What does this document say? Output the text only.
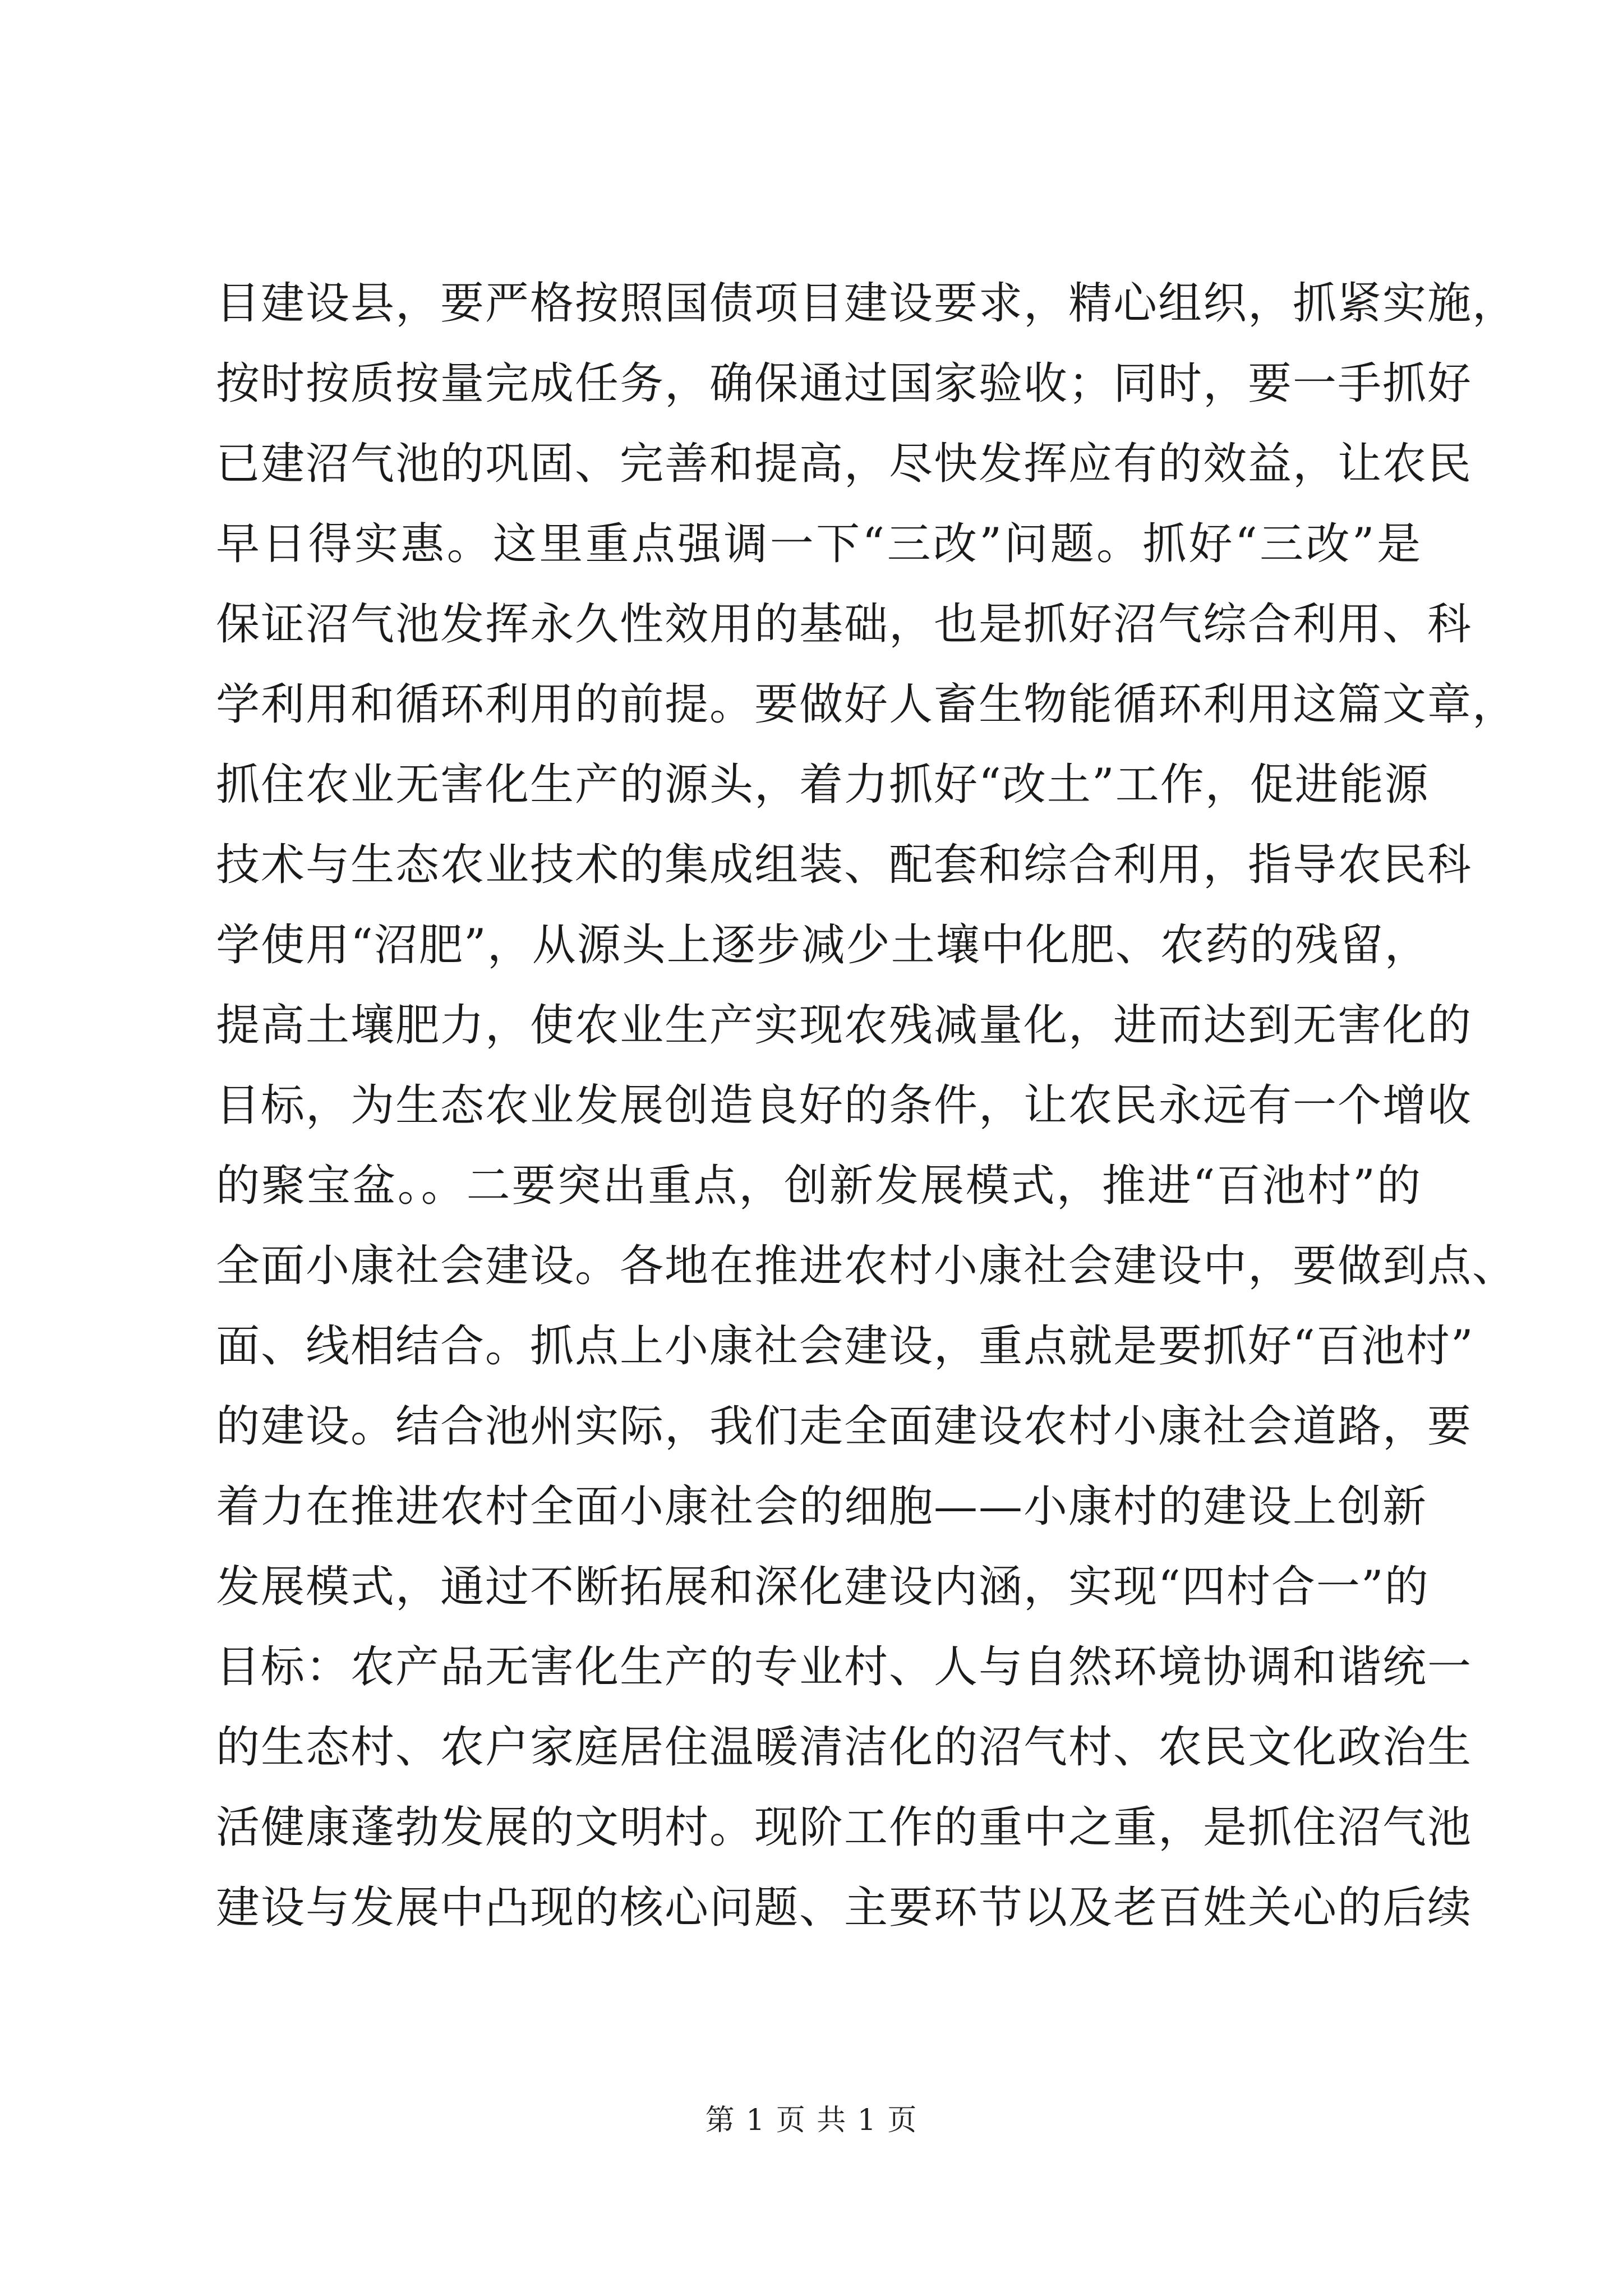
目建设县，要严格按照国债项目建设要求，精心组织，抓紧实施，
按时按质按量完成任务，确保通过国家验收；同时，要一手抓好
已建沼气池的巩固、完善和提高，尽快发挥应有的效益，让农民
早日得实惠。这里重点强调一下“三改”问题。抓好“三改”是
保证沼气池发挥永久性效用的基础，也是抓好沼气综合利用、科
学利用和循环利用的前提。要做好人畜生物能循环利用这篇文章，
抓住农业无害化生产的源头，着力抓好“改土”工作，促进能源
技术与生态农业技术的集成组装、配套和综合利用，指导农民科
学使用“沼肥”，从源头上逐步减少土壤中化肥、农药的残留，
提高土壤肥力，使农业生产实现农残减量化，进而达到无害化的
目标，为生态农业发展创造良好的条件，让农民永远有一个增收
的聚宝盆。。二要突出重点，创新发展模式，推进“百池村”的
全面小康社会建设。各地在推进农村小康社会建设中，要做到点、
面、线相结合。抓点上小康社会建设，重点就是要抓好“百池村”
的建设。结合池州实际，我们走全面建设农村小康社会道路，要
着力在推进农村全面小康社会的细胞——小康村的建设上创新
发展模式，通过不断拓展和深化建设内涵，实现“四村合一”的
目标：农产品无害化生产的专业村、人与自然环境协调和谐统一
的生态村、农户家庭居住温暖清洁化的沼气村、农民文化政治生
活健康蓬勃发展的文明村。现阶工作的重中之重，是抓住沼气池
建设与发展中凸现的核心问题、主要环节以及老百姓关心的后续
第 1 页 共 1 页
